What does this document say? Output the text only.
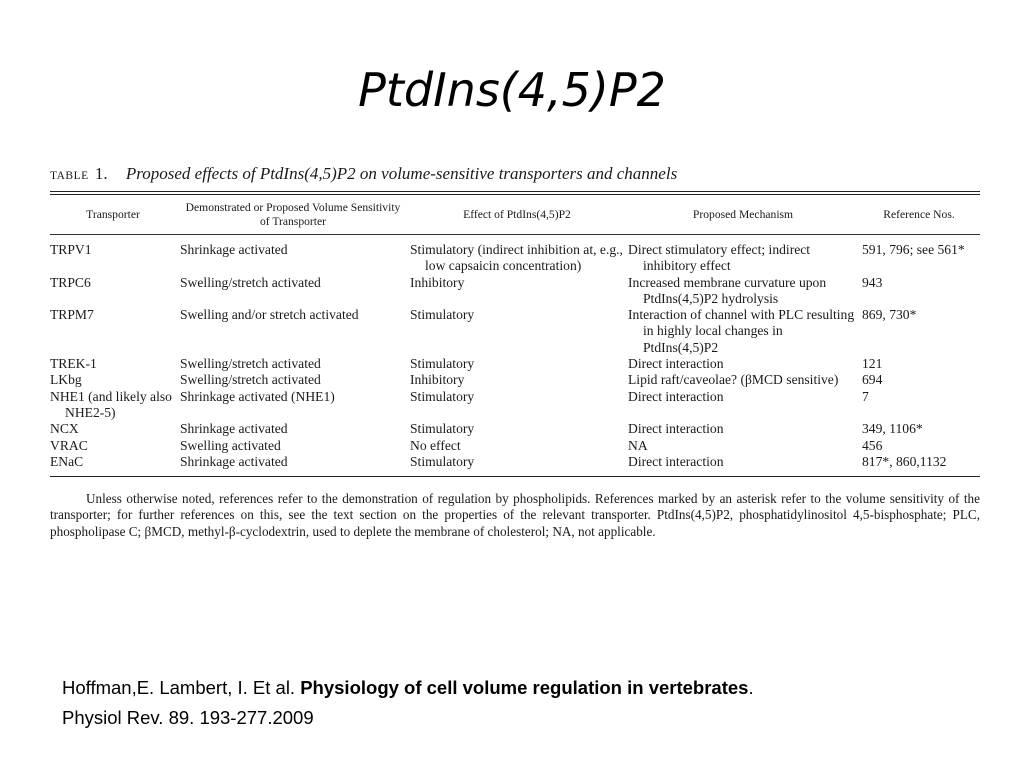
PtdIns(4,5)P2
TABLE 1. Proposed effects of PtdIns(4,5)P2 on volume-sensitive transporters and channels
Transporter	Demonstrated or Proposed Volume Sensitivity of Transporter	Effect of PtdIns(4,5)P2	Proposed Mechanism	Reference Nos.

TRPV1	Shrinkage activated	Stimulatory (indirect inhibition at, e.g., low capsaicin concentration)	Direct stimulatory effect; indirect inhibitory effect	591, 796; see 561*

TRPC6	Swelling/stretch activated	Inhibitory	Increased membrane curvature upon PtdIns(4,5)P2 hydrolysis	943

TRPM7	Swelling and/or stretch activated	Stimulatory	Interaction of channel with PLC resulting in highly local changes in PtdIns(4,5)P2	869, 730*

TREK-1	Swelling/stretch activated	Stimulatory	Direct interaction	121

LKbg	Swelling/stretch activated	Inhibitory	Lipid raft/caveolae? (βMCD sensitive)	694

NHE1 (and likely also NHE2-5)	Shrinkage activated (NHE1)	Stimulatory	Direct interaction	7

NCX	Shrinkage activated	Stimulatory	Direct interaction	349, 1106*

VRAC	Swelling activated	No effect	NA	456

ENaC	Shrinkage activated	Stimulatory	Direct interaction	817*, 860,1132
Unless otherwise noted, references refer to the demonstration of regulation by phospholipids. References marked by an asterisk refer to the volume sensitivity of the transporter; for further references on this, see the text section on the properties of the relevant transporter. PtdIns(4,5)P2, phosphatidylinositol 4,5-bisphosphate; PLC, phospholipase C; βMCD, methyl-β-cyclodextrin, used to deplete the membrane of cholesterol; NA, not applicable.
Hoffman,E. Lambert, I. Et al. Physiology of cell volume regulation in vertebrates.
Physiol Rev. 89. 193-277.2009
